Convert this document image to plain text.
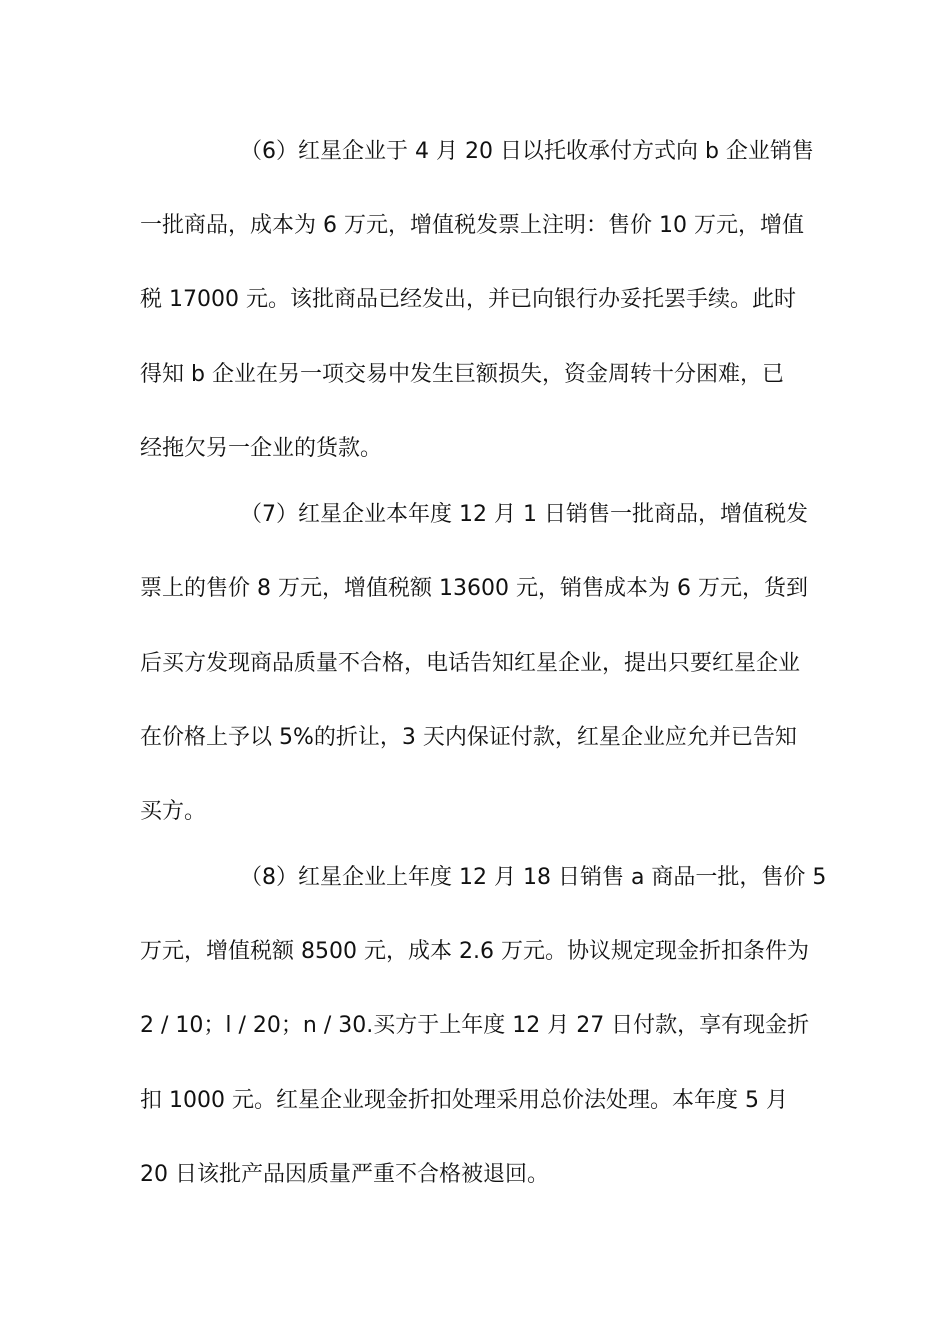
（6）红星企业于 4 月 20 日以托收承付方式向 b 企业销售

一批商品，成本为 6 万元，增值税发票上注明：售价 10 万元，增值

税 17000 元。该批商品已经发出，并已向银行办妥托罢手续。此时

得知 b 企业在另一项交易中发生巨额损失，资金周转十分困难，已

经拖欠另一企业的货款。

（7）红星企业本年度 12 月 1 日销售一批商品，增值税发

票上的售价 8 万元，增值税额 13600 元，销售成本为 6 万元，货到

后买方发现商品质量不合格，电话告知红星企业，提出只要红星企业

在价格上予以 5%的折让，3 天内保证付款，红星企业应允并已告知

买方。

（8）红星企业上年度 12 月 18 日销售 a 商品一批，售价 5

万元，增值税额 8500 元，成本 2.6 万元。协议规定现金折扣条件为

2 / 10；l / 20；n / 30.买方于上年度 12 月 27 日付款，享有现金折

扣 1000 元。红星企业现金折扣处理采用总价法处理。本年度 5 月

20 日该批产品因质量严重不合格被退回。
